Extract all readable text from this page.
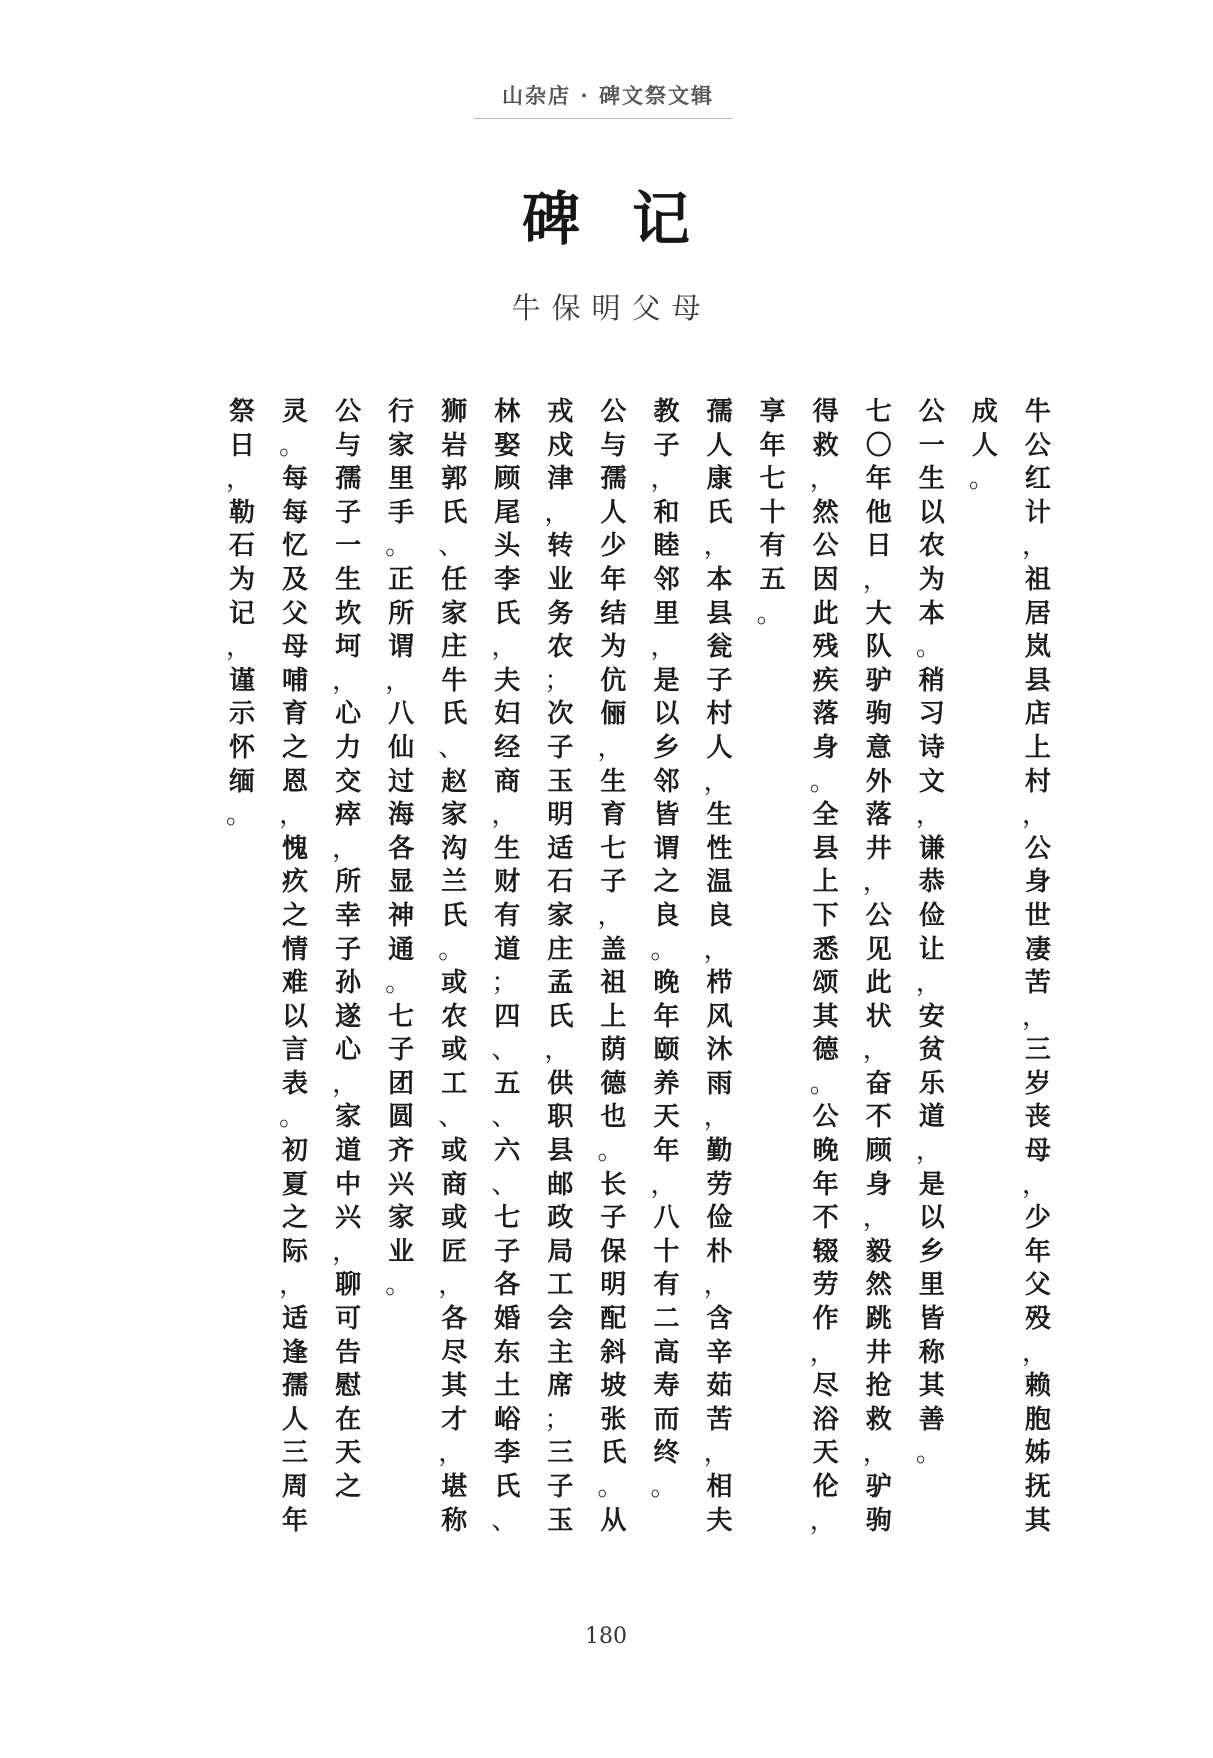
山杂店 · 碑文祭文辑
碑记
牛保明父母
牛
公
红
计
，
祖
居
岚
县
店
上
村
，
公
身
世
凄
苦
，
三
岁
丧
母
，
少
年
父
殁
，
赖
胞
姊
抚
其
成
人
。
公
一
生
以
农
为
本
。
稍
习
诗
文
，
谦
恭
俭
让
，
安
贫
乐
道
，
是
以
乡
里
皆
称
其
善
。
七
〇
年
他
日
，
大
队
驴
驹
意
外
落
井
，
公
见
此
状
，
奋
不
顾
身
，
毅
然
跳
井
抢
救
，
驴
驹
得
救
，
然
公
因
此
残
疾
落
身
。
全
县
上
下
悉
颂
其
德
。
公
晚
年
不
辍
劳
作
，
尽
浴
天
伦
，
享
年
七
十
有
五
。
孺
人
康
氏
，
本
县
瓮
子
村
人
，
生
性
温
良
，
栉
风
沐
雨
，
勤
劳
俭
朴
，
含
辛
茹
苦
，
相
夫
教
子
，
和
睦
邻
里
，
是
以
乡
邻
皆
谓
之
良
。
晚
年
颐
养
天
年
，
八
十
有
二
高
寿
而
终
。
公
与
孺
人
少
年
结
为
伉
俪
，
生
育
七
子
，
盖
祖
上
荫
德
也
。
长
子
保
明
配
斜
坡
张
氏
。
从
戎
戍
津
，
转
业
务
农
；
次
子
玉
明
适
石
家
庄
孟
氏
，
供
职
县
邮
政
局
工
会
主
席
；
三
子
玉
林
娶
顾
尾
头
李
氏
，
夫
妇
经
商
，
生
财
有
道
；
四
、
五
、
六
、
七
子
各
婚
东
土
峪
李
氏
、
狮
岩
郭
氏
、
任
家
庄
牛
氏
、
赵
家
沟
兰
氏
。
或
农
或
工
、
或
商
或
匠
，
各
尽
其
才
，
堪
称
行
家
里
手
。
正
所
谓
，
八
仙
过
海
各
显
神
通
。
七
子
团
圆
齐
兴
家
业
。
公
与
孺
子
一
生
坎
坷
，
心
力
交
瘁
，
所
幸
子
孙
遂
心
，
家
道
中
兴
，
聊
可
告
慰
在
天
之
灵
。
每
每
忆
及
父
母
哺
育
之
恩
，
愧
疚
之
情
难
以
言
表
。
初
夏
之
际
，
适
逢
孺
人
三
周
年
祭
日
，
勒
石
为
记
，
谨
示
怀
缅
。
180
